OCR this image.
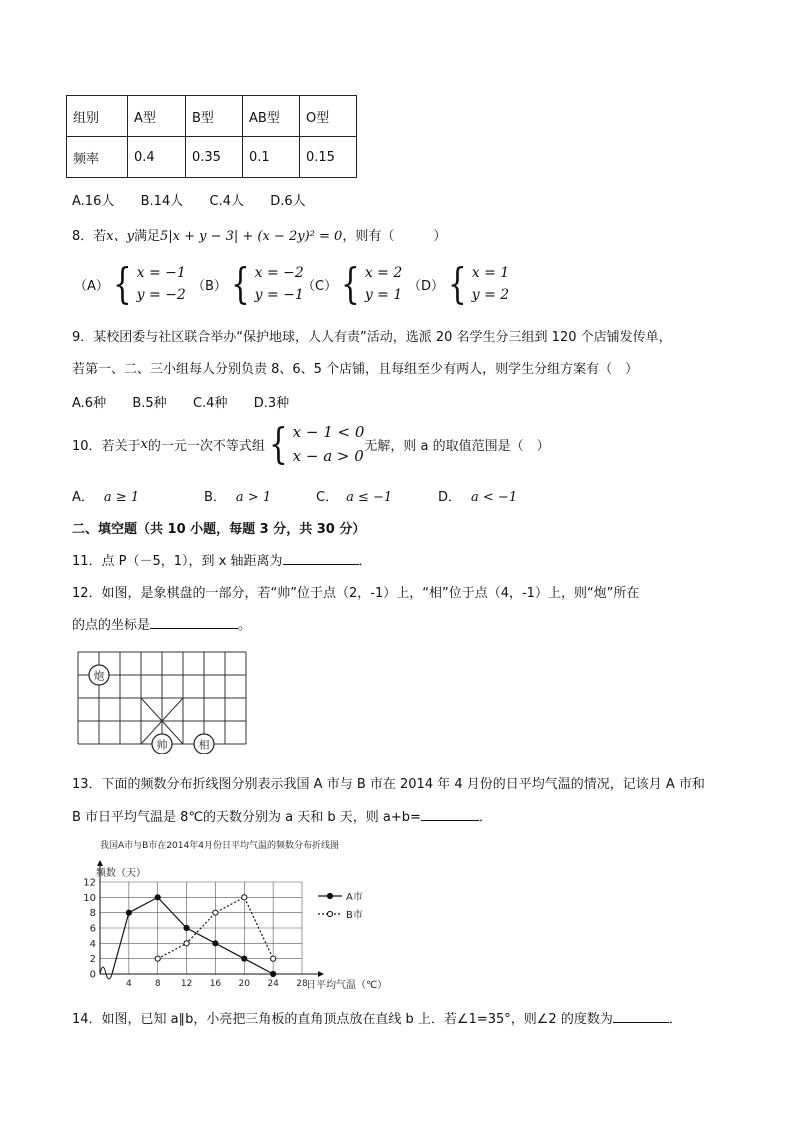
组别	A型	B型	AB型	O型
频率	0.4	0.35	0.1	0.15
A.16人 B.14人 C.4人 D.6人
8．若x、y满足5|x + y − 3| + (x − 2y)² = 0，则有（　　　）
（A） { x = −1
y = −2
（B） { x = −2
y = −1
（C） { x = 2
y = 1
（D） { x = 1
y = 2
9．某校团委与社区联合举办“保护地球，人人有责”活动，选派 20 名学生分三组到 120 个店铺发传单，
若第一、二、三小组每人分别负责 8、6、5 个店铺，且每组至少有两人，则学生分组方案有（　）
A.6种 B.5种 C.4种 D.3种
10．若关于 x 的一元一次不等式组 { x − 1 < 0
x − a > 0
无解，则 a 的取值范围是（　）
A． a ≥ 1	B． a > 1	C． a ≤ −1	D． a < −1
二、填空题（共 10 小题，每题 3 分，共 30 分）
11．点 P（－5，1），到 x 轴距离为	．
12．如图，是象棋盘的一部分，若“帅”位于点（2，-1）上，“相”位于点（4，-1）上，则“炮”所在
的点的坐标是	。
炮
帅	相
13．下面的频数分布折线图分别表示我国 A 市与 B 市在 2014 年 4 月份的日平均气温的情况，记该月 A 市和
B 市日平均气温是 8℃的天数分别为 a 天和 b 天，则 a+b=	．
我国A市与B市在2014年4月份日平均气温的频数分布折线图
频数（天）
日平均气温（℃）
0
2
4
6
8
10
12
4	8 12 16 20 24 28
A市
B市
14．如图，已知 a∥b，小亮把三角板的直角顶点放在直线 b 上．若∠1=35°，则∠2 的度数为	．
